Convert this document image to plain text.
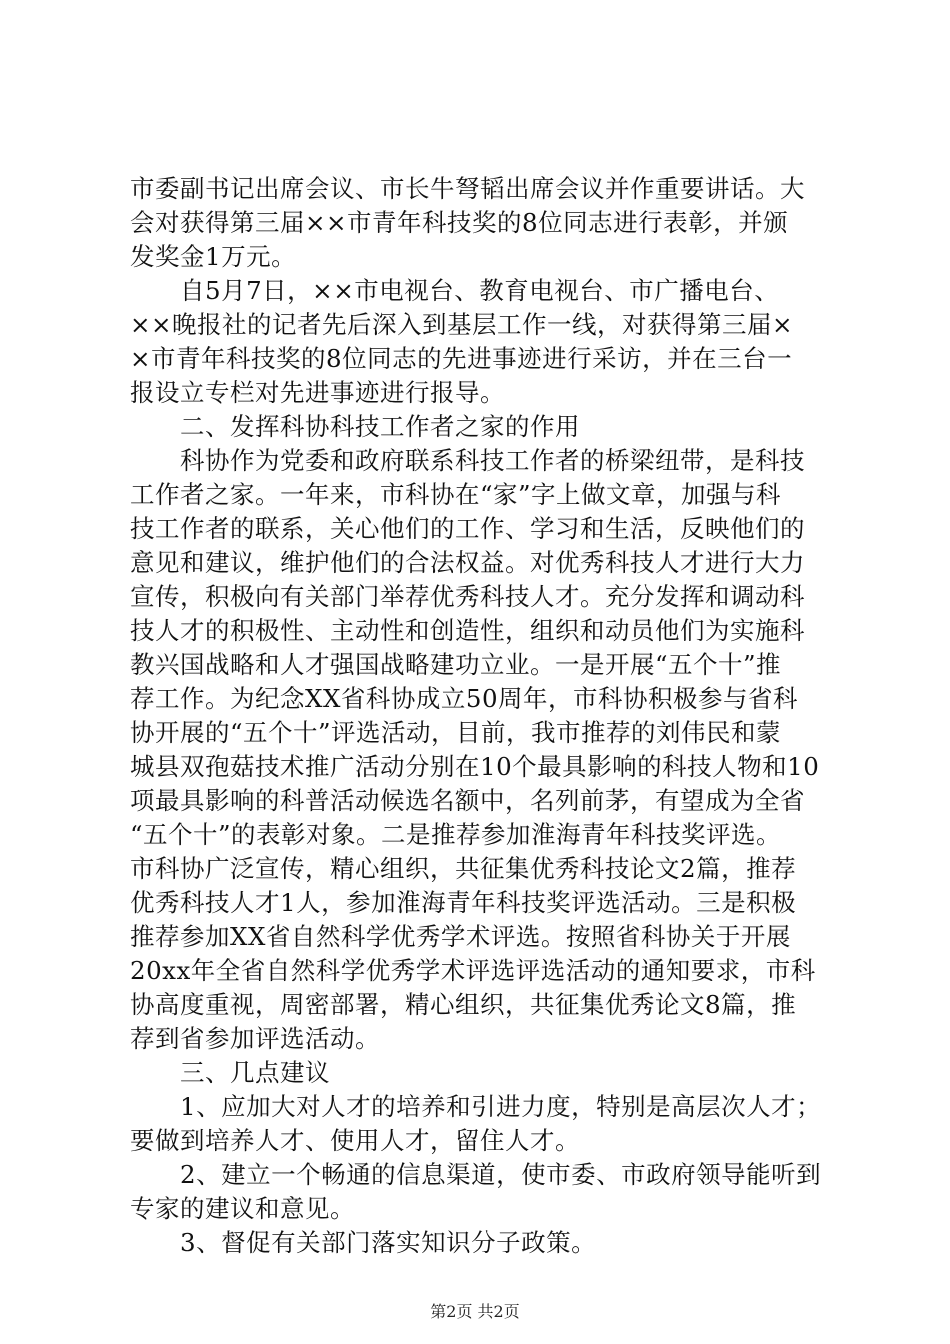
市委副书记出席会议、市长牛弩韬出席会议并作重要讲话。大
会对获得第三届××市青年科技奖的8位同志进行表彰，并颁
发奖金1万元。
自5月7日，××市电视台、教育电视台、市广播电台、
××晚报社的记者先后深入到基层工作一线，对获得第三届×
×市青年科技奖的8位同志的先进事迹进行采访，并在三台一
报设立专栏对先进事迹进行报导。
二、发挥科协科技工作者之家的作用
科协作为党委和政府联系科技工作者的桥梁纽带，是科技
工作者之家。一年来，市科协在“家”字上做文章，加强与科
技工作者的联系，关心他们的工作、学习和生活，反映他们的
意见和建议，维护他们的合法权益。对优秀科技人才进行大力
宣传，积极向有关部门举荐优秀科技人才。充分发挥和调动科
技人才的积极性、主动性和创造性，组织和动员他们为实施科
教兴国战略和人才强国战略建功立业。一是开展“五个十”推
荐工作。为纪念XX省科协成立50周年，市科协积极参与省科
协开展的“五个十”评选活动，目前，我市推荐的刘伟民和蒙
城县双孢菇技术推广活动分别在10个最具影响的科技人物和10
项最具影响的科普活动候选名额中，名列前茅，有望成为全省
“五个十”的表彰对象。二是推荐参加淮海青年科技奖评选。
市科协广泛宣传，精心组织，共征集优秀科技论文2篇，推荐
优秀科技人才1人，参加淮海青年科技奖评选活动。三是积极
推荐参加XX省自然科学优秀学术评选。按照省科协关于开展
20xx年全省自然科学优秀学术评选评选活动的通知要求，市科
协高度重视，周密部署，精心组织，共征集优秀论文8篇，推
荐到省参加评选活动。
三、几点建议
1、应加大对人才的培养和引进力度，特别是高层次人才；
要做到培养人才、使用人才，留住人才。
2、建立一个畅通的信息渠道，使市委、市政府领导能听到
专家的建议和意见。
3、督促有关部门落实知识分子政策。
第2页 共2页
